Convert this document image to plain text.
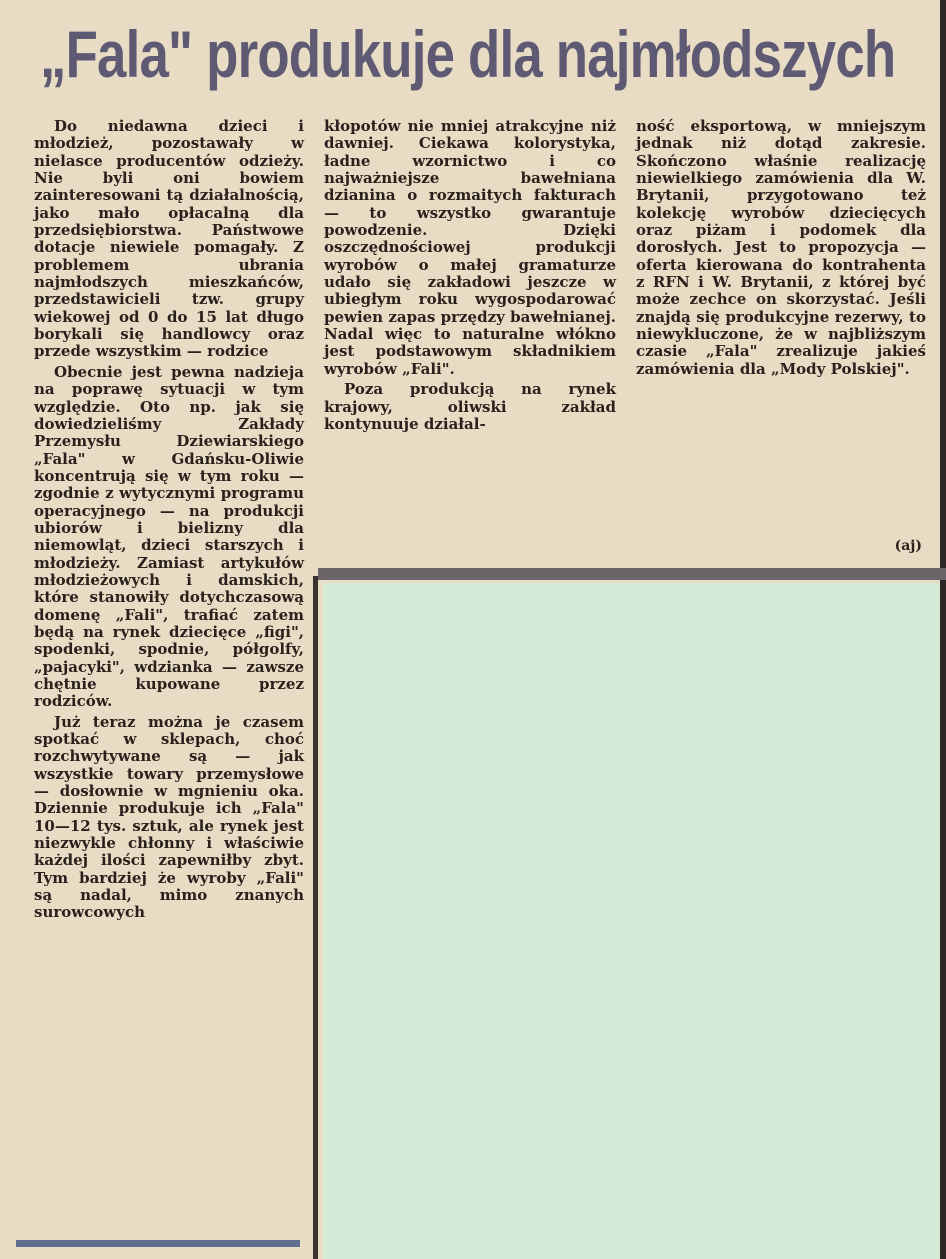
„Fala" produkuje dla najmłodszych

Do niedawna dzieci i młodzież, pozostawały w nielasce producentów odzieży. Nie byli oni bowiem zainteresowani tą działalnością, jako mało opłacalną dla przedsiębiorstwa. Państwowe dotacje niewiele pomagały. Z problemem ubrania najmłodszych mieszkańców, przedstawicieli tzw. grupy wiekowej od 0 do 15 lat długo borykali się handlowcy oraz przede wszystkim — rodzice

Obecnie jest pewna nadzieja na poprawę sytuacji w tym względzie. Oto np. jak się dowiedzieliśmy Zakłady Przemysłu Dziewiarskiego „Fala" w Gdańsku-Oliwie koncentrują się w tym roku — zgodnie z wytycznymi programu operacyjnego — na produkcji ubiorów i bielizny dla niemowląt, dzieci starszych i młodzieży. Zamiast artykułów młodzieżowych i damskich, które stanowiły dotychczasową domenę „Fali", trafiać zatem będą na rynek dziecięce „figi", spodenki, spodnie, półgolfy, „pajacyki", wdzianka — zawsze chętnie kupowane przez rodziców.

Już teraz można je czasem spotkać w sklepach, choć rozchwytywane są — jak wszystkie towary przemysłowe — dosłownie w mgnieniu oka. Dziennie produkuje ich „Fala" 10—12 tys. sztuk, ale rynek jest niezwykle chłonny i właściwie każdej ilości zapewniłby zbyt. Tym bardziej że wyroby „Fali" są nadal, mimo znanych surowcowych

kłopotów nie mniej atrakcyjne niż dawniej. Ciekawa kolorystyka, ładne wzornictwo i co najważniejsze bawełniana dzianina o rozmaitych fakturach — to wszystko gwarantuje powodzenie. Dzięki oszczędnościowej produkcji wyrobów o małej gramaturze udało się zakładowi jeszcze w ubiegłym roku wygospodarować pewien zapas przędzy bawełnianej. Nadal więc to naturalne włókno jest podstawowym składnikiem wyrobów „Fali".

Poza produkcją na rynek krajowy, oliwski zakład kontynuuje działal-

ność eksportową, w mniejszym jednak niż dotąd zakresie. Skończono właśnie realizację niewielkiego zamówienia dla W. Brytanii, przygotowano też kolekcję wyrobów dziecięcych oraz piżam i podomek dla dorosłych. Jest to propozycja — oferta kierowana do kontrahenta z RFN i W. Brytanii, z której być może zechce on skorzystać. Jeśli znajdą się produkcyjne rezerwy, to niewykluczone, że w najbliższym czasie „Fala" zrealizuje jakieś zamówienia dla „Mody Polskiej".

(aj)
